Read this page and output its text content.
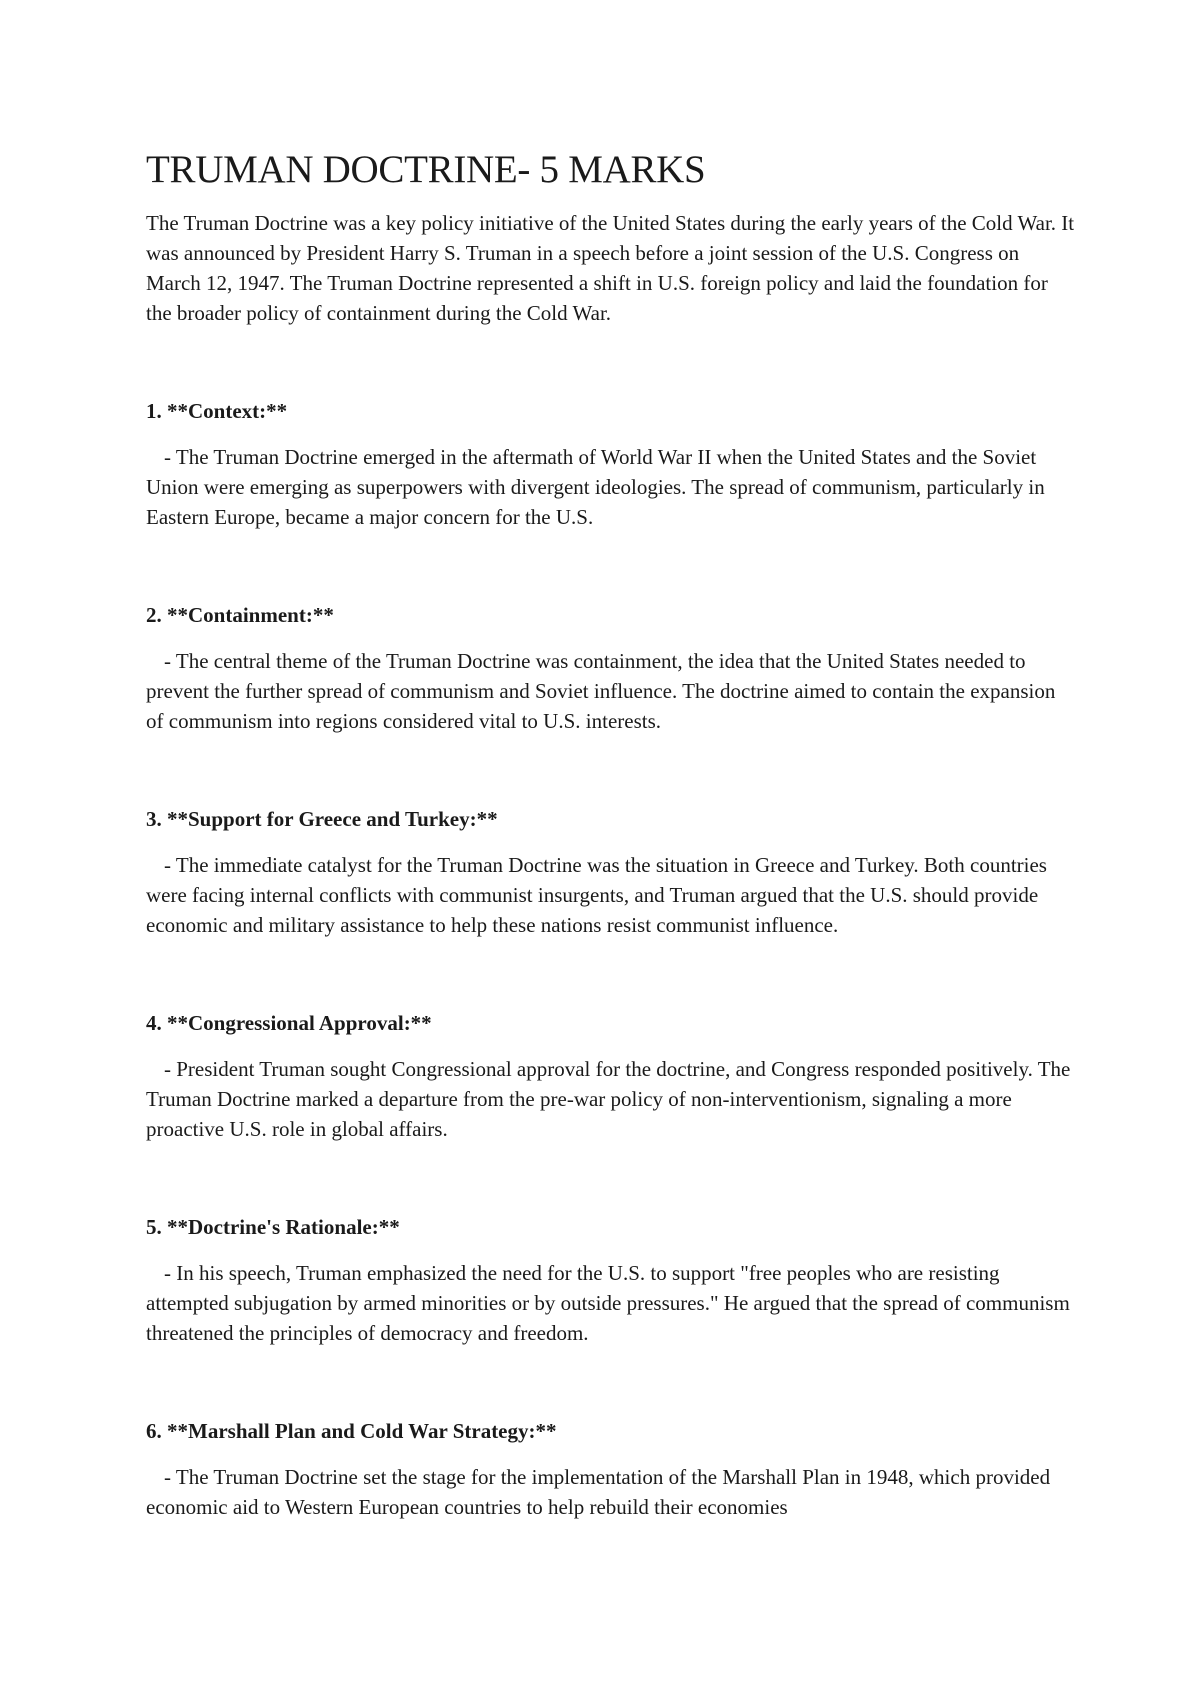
TRUMAN DOCTRINE- 5 MARKS

The Truman Doctrine was a key policy initiative of the United States during the early years of the Cold War. It was announced by President Harry S. Truman in a speech before a joint session of the U.S. Congress on March 12, 1947. The Truman Doctrine represented a shift in U.S. foreign policy and laid the foundation for the broader policy of containment during the Cold War.

1. **Context:**

- The Truman Doctrine emerged in the aftermath of World War II when the United States and the Soviet Union were emerging as superpowers with divergent ideologies. The spread of communism, particularly in Eastern Europe, became a major concern for the U.S.

2. **Containment:**

- The central theme of the Truman Doctrine was containment, the idea that the United States needed to prevent the further spread of communism and Soviet influence. The doctrine aimed to contain the expansion of communism into regions considered vital to U.S. interests.

3. **Support for Greece and Turkey:**

- The immediate catalyst for the Truman Doctrine was the situation in Greece and Turkey. Both countries were facing internal conflicts with communist insurgents, and Truman argued that the U.S. should provide economic and military assistance to help these nations resist communist influence.

4. **Congressional Approval:**

- President Truman sought Congressional approval for the doctrine, and Congress responded positively. The Truman Doctrine marked a departure from the pre-war policy of non-interventionism, signaling a more proactive U.S. role in global affairs.

5. **Doctrine's Rationale:**

- In his speech, Truman emphasized the need for the U.S. to support "free peoples who are resisting attempted subjugation by armed minorities or by outside pressures." He argued that the spread of communism threatened the principles of democracy and freedom.

6. **Marshall Plan and Cold War Strategy:**

- The Truman Doctrine set the stage for the implementation of the Marshall Plan in 1948, which provided economic aid to Western European countries to help rebuild their economies
